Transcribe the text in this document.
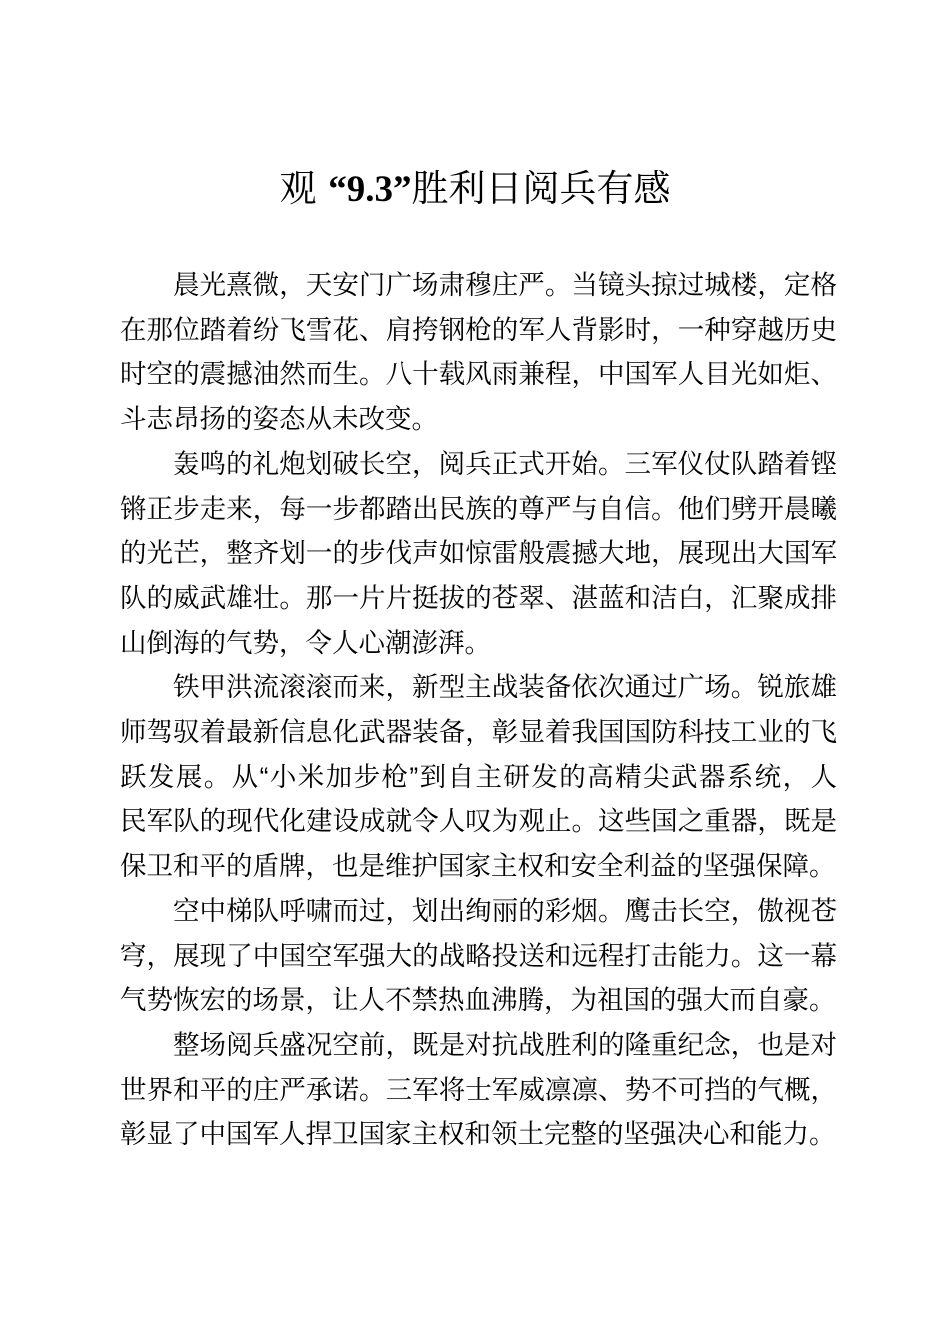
观 “9.3”胜利日阅兵有感
晨光熹微，天安门广场肃穆庄严。当镜头掠过城楼，定格
在那位踏着纷飞雪花、肩挎钢枪的军人背影时，一种穿越历史
时空的震撼油然而生。八十载风雨兼程，中国军人目光如炬、
斗志昂扬的姿态从未改变。
轰鸣的礼炮划破长空，阅兵正式开始。三军仪仗队踏着铿
锵正步走来，每一步都踏出民族的尊严与自信。他们劈开晨曦
的光芒，整齐划一的步伐声如惊雷般震撼大地，展现出大国军
队的威武雄壮。那一片片挺拔的苍翠、湛蓝和洁白，汇聚成排
山倒海的气势，令人心潮澎湃。
铁甲洪流滚滚而来，新型主战装备依次通过广场。锐旅雄
师驾驭着最新信息化武器装备，彰显着我国国防科技工业的飞
跃发展。从“小米加步枪”到自主研发的高精尖武器系统，人
民军队的现代化建设成就令人叹为观止。这些国之重器，既是
保卫和平的盾牌，也是维护国家主权和安全利益的坚强保障。
空中梯队呼啸而过，划出绚丽的彩烟。鹰击长空，傲视苍
穹，展现了中国空军强大的战略投送和远程打击能力。这一幕
气势恢宏的场景，让人不禁热血沸腾，为祖国的强大而自豪。
整场阅兵盛况空前，既是对抗战胜利的隆重纪念，也是对
世界和平的庄严承诺。三军将士军威凛凛、势不可挡的气概，
彰显了中国军人捍卫国家主权和领土完整的坚强决心和能力。
